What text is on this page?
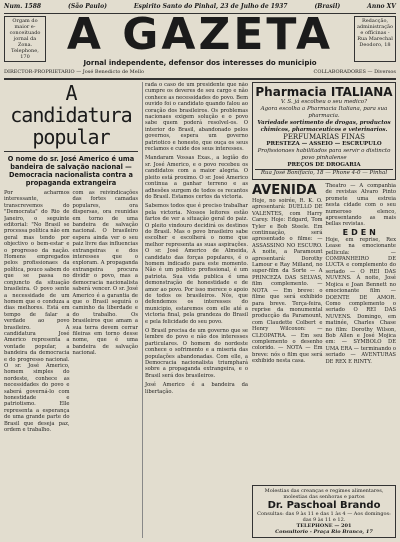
Num. 1588	(São Paulo)	Espirito Santo do Pinhal, 23 de Julho de 1937	(Brasil)	Anno XV
Orgam do maior econceituado jornal da Zona. Telephone, 170
Redacção, administração e officinas - Rua Marechal Deodoro, 18
A GAZETA
Jornal independente, defensor dos interesses do municipio
DIRECTOR-PROPRIETARIO — José Benedicto de Mello	COLLABORADORES — Diversos
A candidatura popular
O nome do sr. José Americo é uma bandeira de salvação nacional — Democracia nacionalista contra a propaganda extrangeira
Por acharmos interessante, transcrevemos do "Democrata" do Rio de Janeiro, o seguinte editorial: "No Brasil se processa política não em geral mas tendo por objectivo o bem-estar e o progresso da nação. Homens empregados pelos profissionaes da política, pouco sabem do que se passa no conjuncto da situação brasileira. O povo sente a necessidade de um homem que o conduza a dias melhores. Está em tempo de falar a verdade ao povo brasileiro. A candidatura José Americo representa a vontade popular, a bandeira da democracia e do progresso nacional. O sr. José Americo, homem simples do nordeste, conhece as necessidades do povo e saberá governá-lo com honestidade e patriotismo. Elle representa a esperança de uma grande parte do Brasil que deseja paz, ordem e trabalho.
com as reivindicações das fortes camadas populares, ora dispersas, ora reunidas em torno de uma bandeira de salvação nacional. O brasileiro espera ainda ver o seu paiz livre das influencias extrangeiras e dos interesses que o exploram. A propaganda extrangeira procura dividir o povo, mas a democracia nacionalista saberá vencer. O sr. José Americo é a garantia de que o Brasil seguirá o caminho da liberdade e do trabalho. Os brasileiros que amam a sua terra devem cerrar fileiras em torno desse nome, que é uma bandeira de salvação nacional.
rada o caso de um presidente que não cumpre os deveres de seu cargo e não conhece as necessidades do povo. Bem ouvido foi o candidato quando falou ao coração dos brasileiros. Os problemas nacionaes exigem solução e o povo sabe quem poderá resolvel-os. O interior do Brasil, abandonado pelos governos, espera um governo patriotico e honesto, que ouça os seus reclamos e cuide dos seus interesses.
Mandaram Vossas Exas., a legião do sr. José Americo, e o povo recebeu os candidatos com a maior alegria. O pleito está proximo. O sr. José Americo continua a ganhar terreno e as adhesões surgem de todos os recantos do Brasil. Estamos certos da victoria.
Sabemos todos que é preciso trabalhar pela victoria. Nossos leitores estão fartos de ver a situação geral do paiz. O pleito vindouro decidirá os destinos do Brasil. Mas o povo brasileiro sabe escolher e escolherá o nome que melhor representa as suas aspirações. O sr. José Americo de Almeida, candidato das forças populares, é o homem indicado para este momento. Não é um politico profissional, é um patriota. Sua vida publica é uma demonstração de honestidade e de amor ao povo. Por isso merece o apoio de todos os brasileiros. Nós, que defendemos os interesses do municipio, estaremos com elle até a victoria final, pela grandeza do Brasil e pela felicidade do seu povo.
O Brasil precisa de um governo que se lembre do povo e não dos interesses particulares. O homem do nordeste conhece o sofrimento e a miseria das populações abandonadas. Com elle, a Democracia nacionalista triumphará sobre a propaganda extrangeira, e o Brasil será dos brasileiros.
José Americo é a bandeira da libertação.
Pharmacia ITALIANA
V. S. já escolheu o seu medico?
Agora escolha a Pharmacia Italiana, para sua pharmacia.
Variedade sortimento de drogas, productos chimicos, pharmaceuticos e veterinarios.
PERFUMARIAS FINAS
PRESTEZA — ASSEIO — ESCRUPULO
Profissionaes habilitados para servir o distincto povo pinhalense
PREÇOS DE DROGARIA
Rua José Bonifacio, 18 — Phone 4-0 — Pinhal
AVENIDA
Hoje, no soirée, R. K. O. apresentará: DUELLO DE VALENTES, com Harry Carey. Hoje: Edgard, Tom Tyler e Bob Steele. Em continuação, será apresentado o filme: — ASSASSINO NO ESCURO. Á noite, a Paramount apresentará: Dorothy Lamour e Ray Milland, no super-film da Sorte — A PRINCEZA DAS SELVAS, film complemento. — NOTA — Em breve: o filme que será exhibido para breve. Terça-feira, reprise da monumental producção da Paramount, com Claudette Colbert e Henry Wilcoxon: — CLEOPATRA. — Em seu complemento o desenho colorido. — NOTA — Em breve: nós o film que será exhibido nesta casa.
Theatro — A companhia de revistas Alvaro Pinto promete uma estreia nesta cidade com o seu numeroso elenco, apresentando as mais bellas revistas.
EDEN
Hoje, em reprise, Rex Lease na emocionante pellicula: — COMPANHEIRO DE LUCTA e complemento do seriado — O REI DAS NUVENS. Á noite, José Mojica e Joan Bennett no emocionante film — DOENTE DE AMOR. Como complemento o seriado O REI DAS NUVENS. Domingo, em matinée, Charles Chase no film: Dorothy Wilson, Bob Allen e José Mojica em: — SYMBOLO DE UMA ERA — terminando o seriado — AVENTURAS DE REX E RINTY.
Molestias das creanças e regimes alimentares, molestias das senhoras e partos
Dr. Paschoal Brando
Consultas: das 9 às 11 e das 1 às 4 — Aos domingos: das 9 às 11 e 12.
TELEPHONE — 201
Consultorio - Praça Rio Branco, 17
